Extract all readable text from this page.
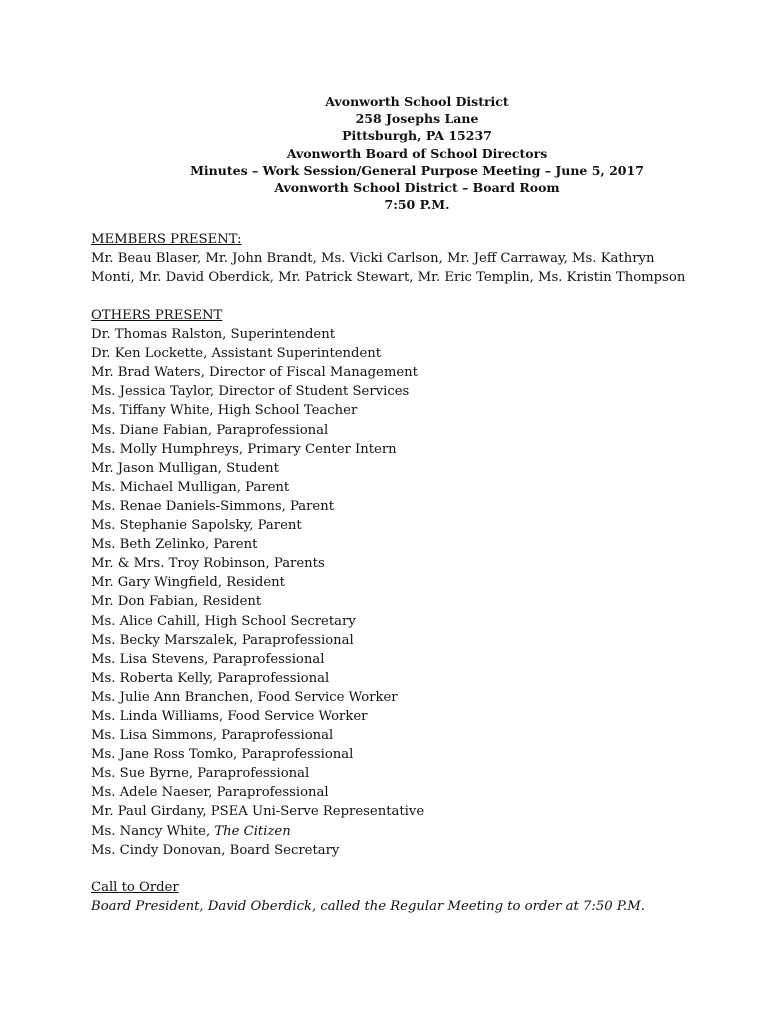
Avonworth School District
258 Josephs Lane
Pittsburgh, PA 15237
Avonworth Board of School Directors
Minutes – Work Session/General Purpose Meeting – June 5, 2017
Avonworth School District – Board Room
7:50 P.M.
MEMBERS PRESENT:
Mr. Beau Blaser, Mr. John Brandt, Ms. Vicki Carlson, Mr. Jeff Carraway, Ms. Kathryn
Monti, Mr. David Oberdick, Mr. Patrick Stewart, Mr. Eric Templin, Ms. Kristin Thompson
OTHERS PRESENT
Dr. Thomas Ralston, Superintendent
Dr. Ken Lockette, Assistant Superintendent
Mr. Brad Waters, Director of Fiscal Management
Ms. Jessica Taylor, Director of Student Services
Ms. Tiffany White, High School Teacher
Ms. Diane Fabian, Paraprofessional
Ms. Molly Humphreys, Primary Center Intern
Mr. Jason Mulligan, Student
Ms. Michael Mulligan, Parent
Ms. Renae Daniels-Simmons, Parent
Ms. Stephanie Sapolsky, Parent
Ms. Beth Zelinko, Parent
Mr. & Mrs. Troy Robinson, Parents
Mr. Gary Wingfield, Resident
Mr. Don Fabian, Resident
Ms. Alice Cahill, High School Secretary
Ms. Becky Marszalek, Paraprofessional
Ms. Lisa Stevens, Paraprofessional
Ms. Roberta Kelly, Paraprofessional
Ms. Julie Ann Branchen, Food Service Worker
Ms. Linda Williams, Food Service Worker
Ms. Lisa Simmons, Paraprofessional
Ms. Jane Ross Tomko, Paraprofessional
Ms. Sue Byrne, Paraprofessional
Ms. Adele Naeser, Paraprofessional
Mr. Paul Girdany, PSEA Uni-Serve Representative
Ms. Nancy White, The Citizen
Ms. Cindy Donovan, Board Secretary
Call to Order
Board President, David Oberdick, called the Regular Meeting to order at 7:50 P.M.
